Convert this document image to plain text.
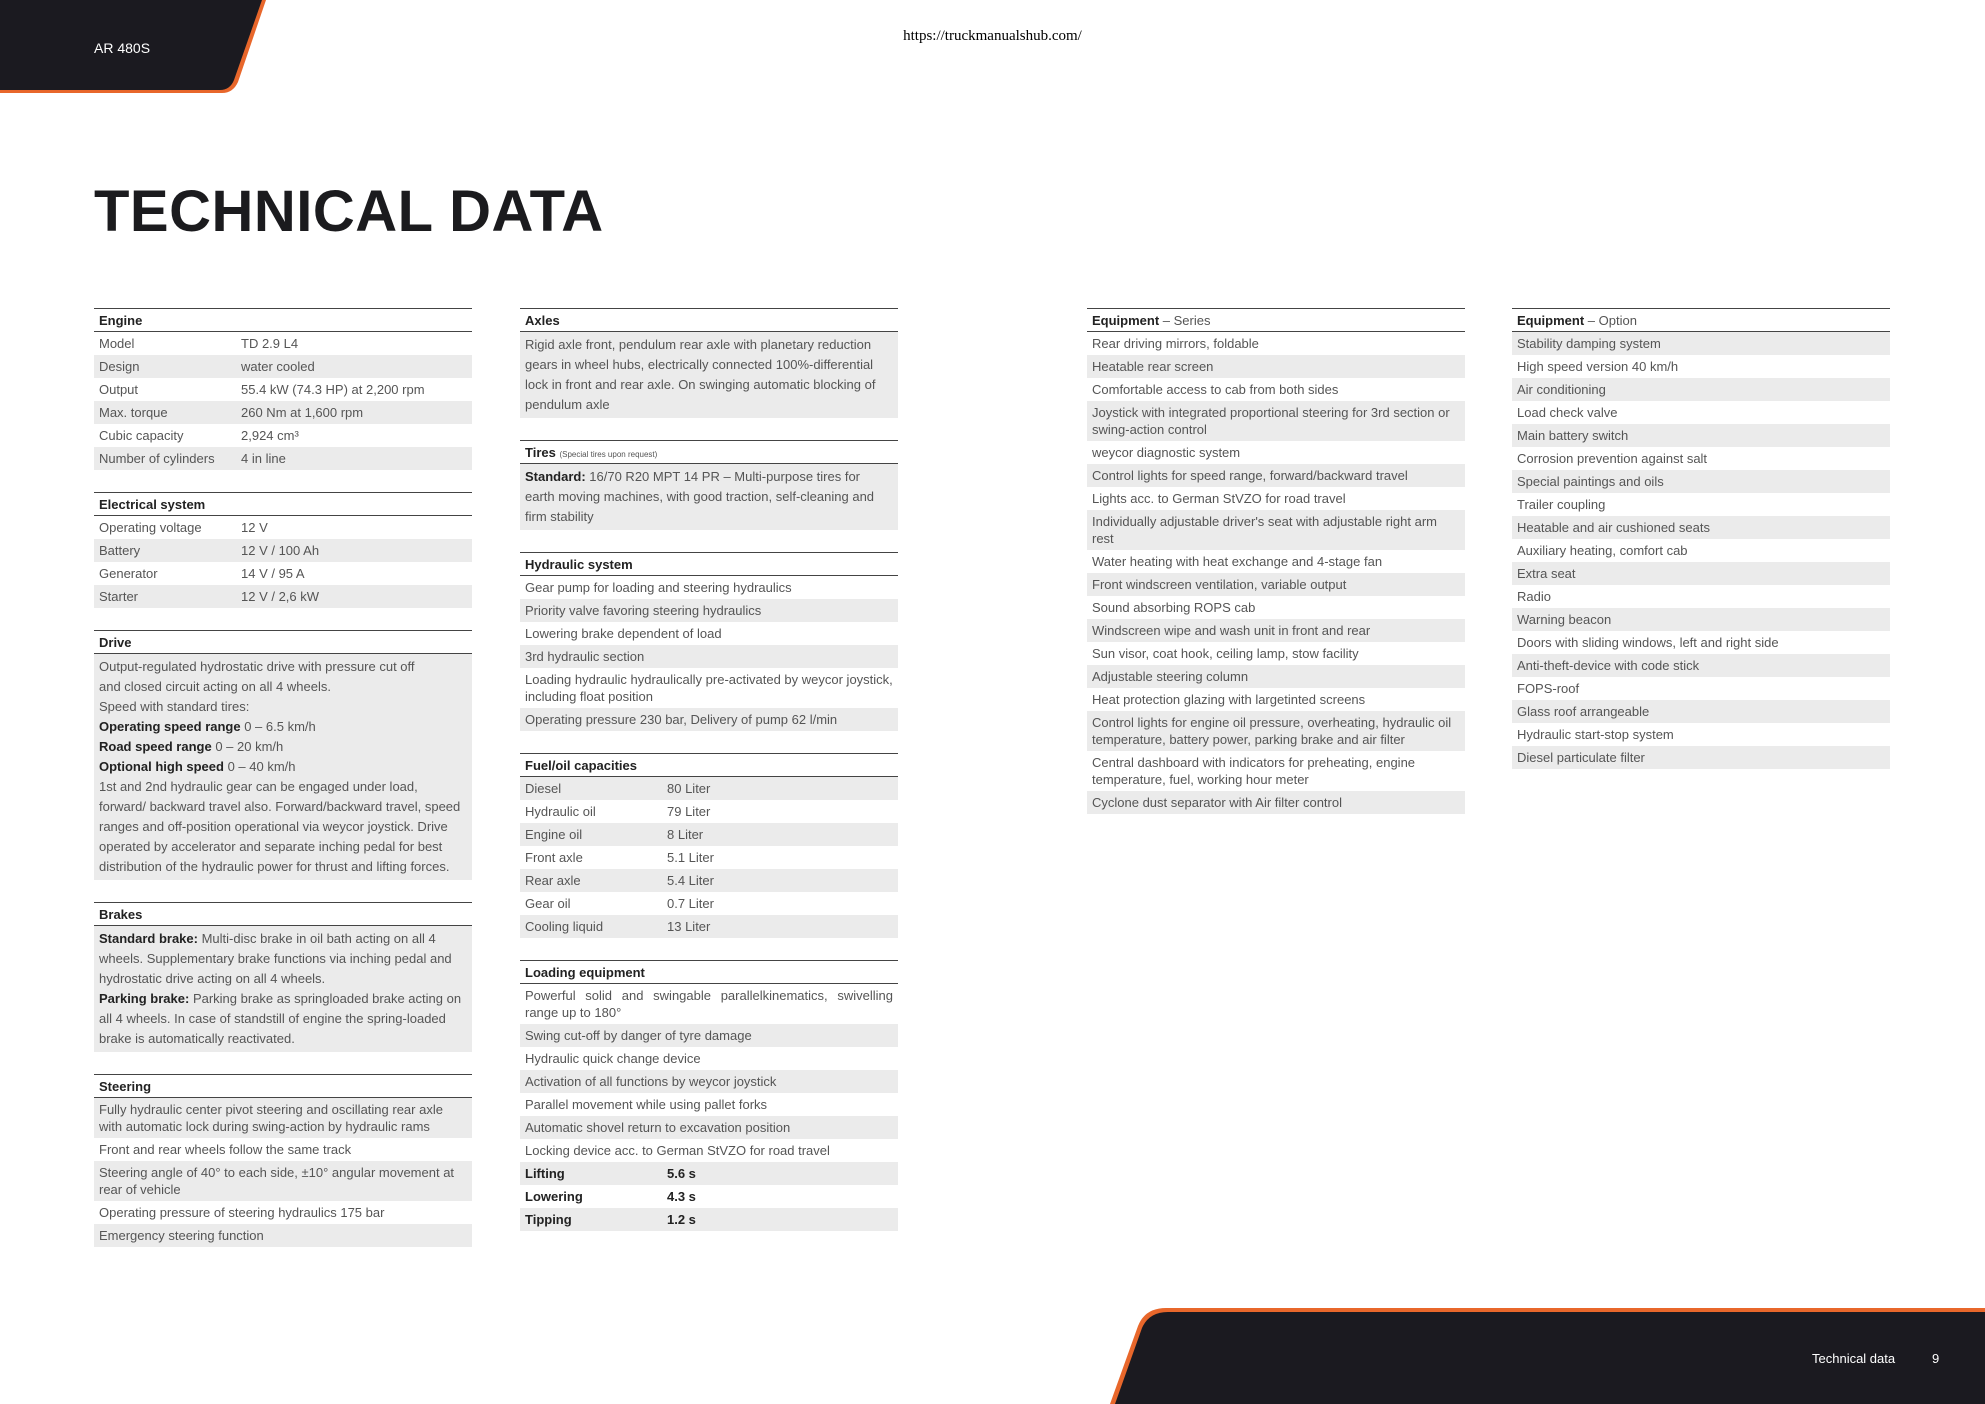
AR 480S
https://truckmanualshub.com/
TECHNICAL DATA
Engine
Model	TD 2.9 L4
Design	water cooled
Output	55.4 kW (74.3 HP) at 2,200 rpm
Max. torque	260 Nm at 1,600 rpm
Cubic capacity	2,924 cm³
Number of cylinders	4 in line
Electrical system
Operating voltage	12 V
Battery	12 V / 100 Ah
Generator	14 V / 95 A
Starter	12 V / 2,6 kW
Drive
Output-regulated hydrostatic drive with pressure cut off
and closed circuit acting on all 4 wheels.
Speed with standard tires:
Operating speed range 0 – 6.5 km/h
Road speed range 0 – 20 km/h
Optional high speed 0 – 40 km/h
1st and 2nd hydraulic gear can be engaged under load, forward/ backward travel also. Forward/backward travel, speed ranges and off-position operational via weycor joystick. Drive operated by accelerator and separate inching pedal for best distribution of the hydraulic power for thrust and lifting forces.
Brakes
Standard brake: Multi-disc brake in oil bath acting on all 4 wheels. Supplementary brake functions via inching pedal and hydrostatic drive acting on all 4 wheels.
Parking brake: Parking brake as springloaded brake acting on all 4 wheels. In case of standstill of engine the spring-loaded brake is automatically reactivated.
Steering
Fully hydraulic center pivot steering and oscillating rear axle with automatic lock during swing-action by hydraulic rams
Front and rear wheels follow the same track
Steering angle of 40° to each side, ±10° angular movement at rear of vehicle
Operating pressure of steering hydraulics 175 bar
Emergency steering function
Axles
Rigid axle front, pendulum rear axle with planetary reduction gears in wheel hubs, electrically connected 100%-differential lock in front and rear axle. On swinging automatic blocking of pendulum axle
Tires (Special tires upon request)
Standard: 16/70 R20 MPT 14 PR – Multi-purpose tires for earth moving machines, with good traction, self-cleaning and firm stability
Hydraulic system
Gear pump for loading and steering hydraulics
Priority valve favoring steering hydraulics
Lowering brake dependent of load
3rd hydraulic section
Loading hydraulic hydraulically pre-activated by weycor joystick, including float position
Operating pressure 230 bar, Delivery of pump 62 l/min
Fuel/oil capacities
Diesel	80 Liter
Hydraulic oil	79 Liter
Engine oil	8 Liter
Front axle	5.1 Liter
Rear axle	5.4 Liter
Gear oil	0.7 Liter
Cooling liquid	13 Liter
Loading equipment
Powerful solid and swingable parallelkinematics, swivelling range up to 180°
Swing cut-off by danger of tyre damage
Hydraulic quick change device
Activation of all functions by weycor joystick
Parallel movement while using pallet forks
Automatic shovel return to excavation position
Locking device acc. to German StVZO for road travel
Lifting	5.6 s
Lowering	4.3 s
Tipping	1.2 s
Equipment – Series
Rear driving mirrors, foldable
Heatable rear screen
Comfortable access to cab from both sides
Joystick with integrated proportional steering for 3rd section or swing-action control
weycor diagnostic system
Control lights for speed range, forward/backward travel
Lights acc. to German StVZO for road travel
Individually adjustable driver's seat with adjustable right arm rest
Water heating with heat exchange and 4-stage fan
Front windscreen ventilation, variable output
Sound absorbing ROPS cab
Windscreen wipe and wash unit in front and rear
Sun visor, coat hook, ceiling lamp, stow facility
Adjustable steering column
Heat protection glazing with largetinted screens
Control lights for engine oil pressure, overheating, hydraulic oil temperature, battery power, parking brake and air filter
Central dashboard with indicators for preheating, engine temperature, fuel, working hour meter
Cyclone dust separator with Air filter control
Equipment – Option
Stability damping system
High speed version 40 km/h
Air conditioning
Load check valve
Main battery switch
Corrosion prevention against salt
Special paintings and oils
Trailer coupling
Heatable and air cushioned seats
Auxiliary heating, comfort cab
Extra seat
Radio
Warning beacon
Doors with sliding windows, left and right side
Anti-theft-device with code stick
FOPS-roof
Glass roof arrangeable
Hydraulic start-stop system
Diesel particulate filter
Technical data	9
